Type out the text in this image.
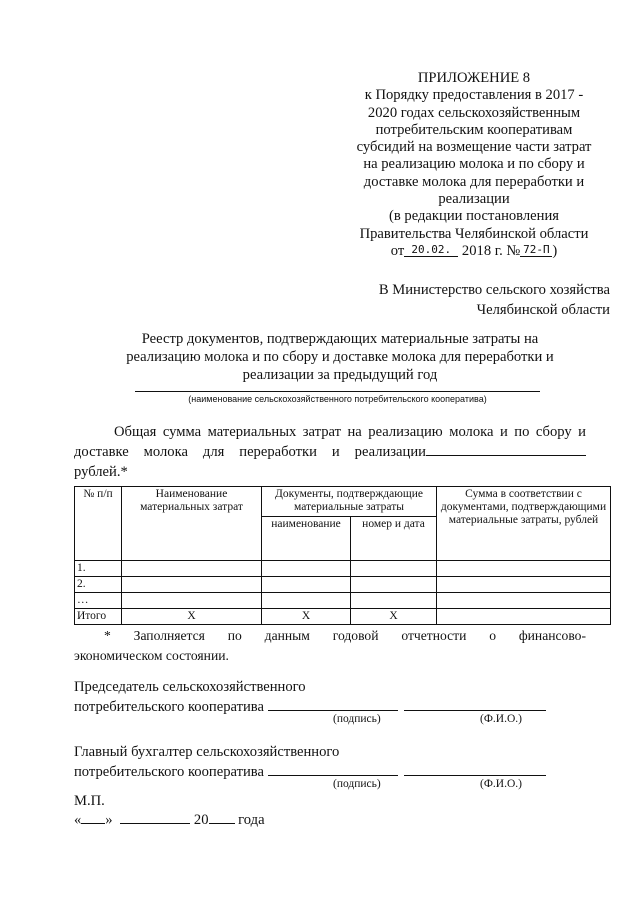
ПРИЛОЖЕНИЕ 8
к Порядку предоставления в 2017 -
2020 годах сельскохозяйственным
потребительским кооперативам
субсидий на возмещение части затрат
на реализацию молока и по сбору и
доставке молока для переработки и
реализации
(в редакции постановления
Правительства Челябинской области
от 20.02. 2018 г. № 72-П )
В Министерство сельского хозяйства
Челябинской области
Реестр документов, подтверждающих материальные затраты на
реализацию молока и по сбору и доставке молока для переработки и
реализации за предыдущий год
(наименование сельскохозяйственного потребительского кооператива)
Общая сумма материальных затрат на реализацию молока и по сбору и
доставке молока для переработки и реализации
рублей.*
№ п/п	Наименование материальных затрат	Документы, подтверждающие материальные затраты		Сумма в соответствии с документами, подтверждающими материальные затраты, рублей
		наименование	номер и дата	
1.				
2.				
…				
Итого	Х	Х	Х	
* Заполняется по данным годовой отчетности о финансово-
экономическом состоянии.
Председатель сельскохозяйственного
потребительского кооператива
(подпись)	(Ф.И.О.)
Главный бухгалтер сельскохозяйственного
потребительского кооператива
(подпись)	(Ф.И.О.)
М.П.
« »	20 года
